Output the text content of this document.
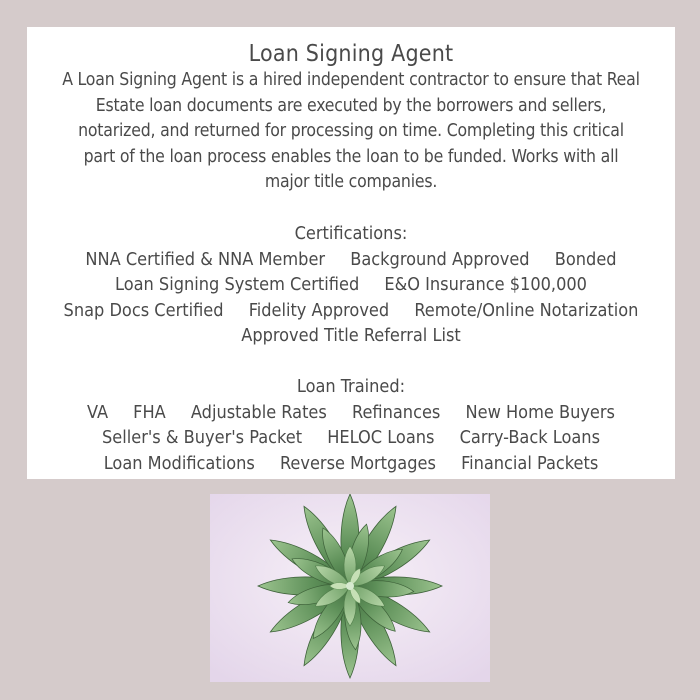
Loan Signing Agent
A Loan Signing Agent is a hired independent contractor to ensure that Real
Estate loan documents are executed by the borrowers and sellers,
notarized, and returned for processing on time. Completing this critical
part of the loan process enables the loan to be funded. Works with all
major title companies.
Certifications:
NNA Certified & NNA Member Background Approved Bonded
Loan Signing System Certified E&O Insurance $100,000
Snap Docs Certified Fidelity Approved Remote/Online Notarization
Approved Title Referral List
Loan Trained:
VA FHA Adjustable Rates Refinances New Home Buyers
Seller's & Buyer's Packet HELOC Loans Carry-Back Loans
Loan Modifications Reverse Mortgages Financial Packets
